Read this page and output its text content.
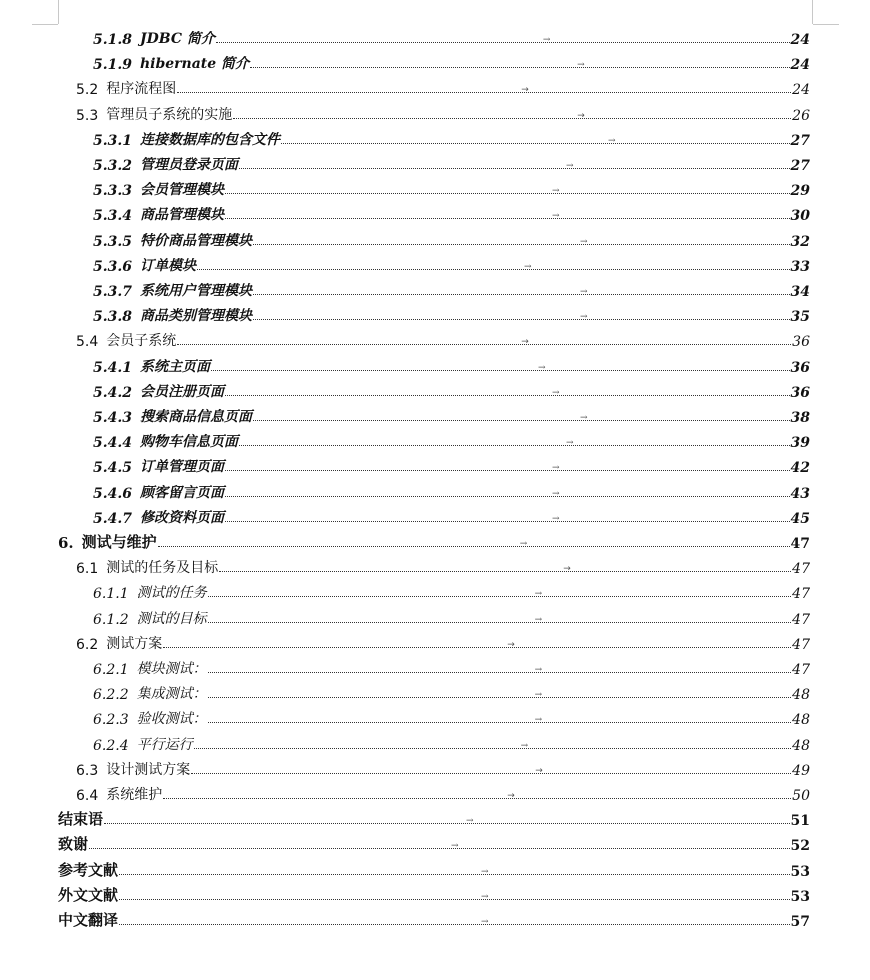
5.1.8 JDBC 简介	→	24
5.1.9 hibernate 简介	→	24
5.2 程序流程图	→	24
5.3 管理员子系统的实施	→	26
5.3.1 连接数据库的包含文件	→	27
5.3.2 管理员登录页面	→	27
5.3.3 会员管理模块	→	29
5.3.4 商品管理模块	→	30
5.3.5 特价商品管理模块	→	32
5.3.6 订单模块	→	33
5.3.7 系统用户管理模块	→	34
5.3.8 商品类别管理模块	→	35
5.4 会员子系统	→	36
5.4.1 系统主页面	→	36
5.4.2 会员注册页面	→	36
5.4.3 搜索商品信息页面	→	38
5.4.4 购物车信息页面	→	39
5.4.5 订单管理页面	→	42
5.4.6 顾客留言页面	→	43
5.4.7 修改资料页面	→	45
6. 测试与维护	→	47
6.1 测试的任务及目标	→	47
6.1.1 测试的任务	→	47
6.1.2 测试的目标	→	47
6.2 测试方案	→	47
6.2.1 模块测试：	→	47
6.2.2 集成测试：	→	48
6.2.3 验收测试：	→	48
6.2.4 平行运行	→	48
6.3 设计测试方案	→	49
6.4 系统维护	→	50
结束语	→	51
致谢	→	52
参考文献	→	53
外文文献	→	53
中文翻译	→	57
